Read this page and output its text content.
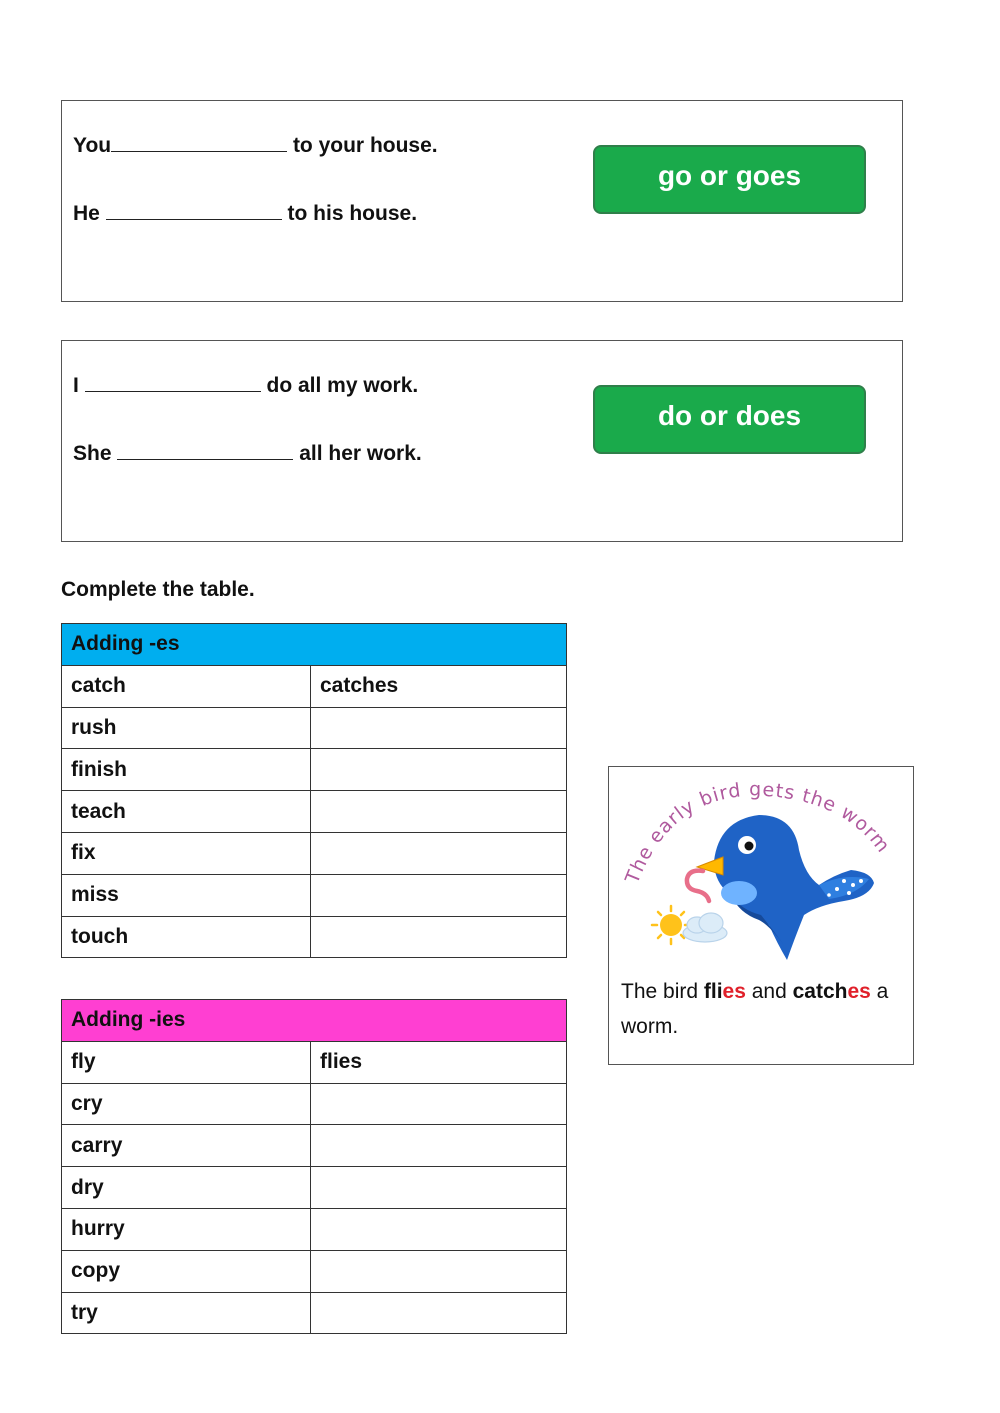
You	to your house.
He	to his house.
go or goes
I	do all my work.
She	all her work.
do or does
Complete the table.
Adding -es	
catch	catches
rush	
finish	
teach	
fix	
miss	
touch	
Adding -ies	
fly	flies
cry	
carry	
dry	
hurry	
copy	
try	
The early bird gets the worm
The bird flies and catches a worm.
